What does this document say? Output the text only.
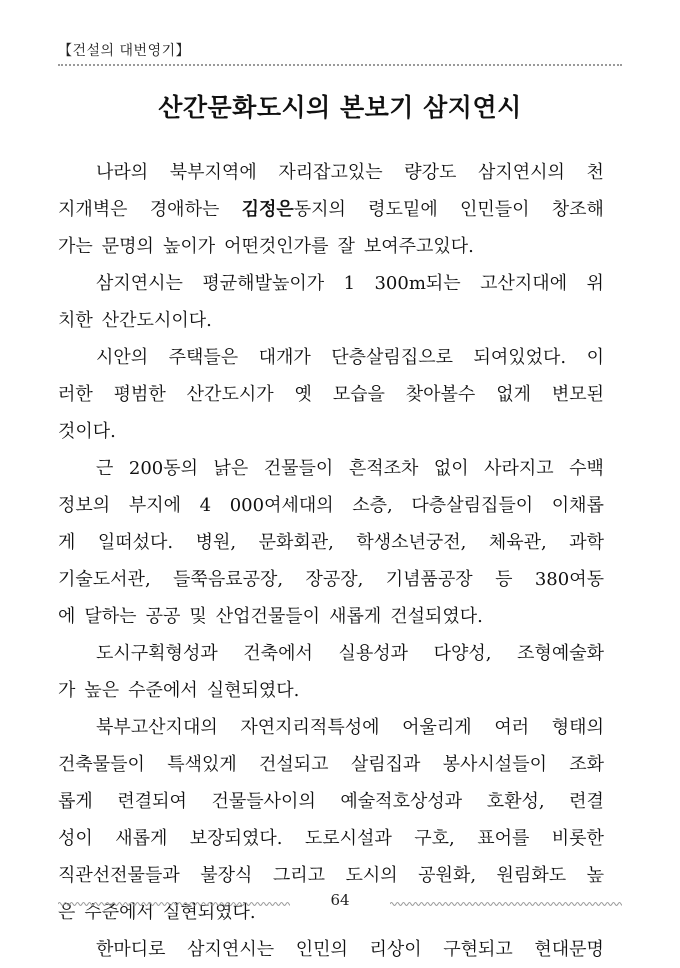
【건설의 대번영기】
산간문화도시의 본보기 삼지연시
나라의 북부지역에 자리잡고있는 량강도 삼지연시의 천
지개벽은 경애하는 김정은동지의 령도밑에 인민들이 창조해
가는 문명의 높이가 어떤것인가를 잘 보여주고있다.
삼지연시는 평균해발높이가 1 300m되는 고산지대에 위
치한 산간도시이다.
시안의 주택들은 대개가 단층살림집으로 되여있었다. 이
러한 평범한 산간도시가 옛 모습을 찾아볼수 없게 변모된
것이다.
근 200동의 낡은 건물들이 흔적조차 없이 사라지고 수백
정보의 부지에 4 000여세대의 소층, 다층살림집들이 이채롭
게 일떠섰다. 병원, 문화회관, 학생소년궁전, 체육관, 과학
기술도서관, 들쭉음료공장, 장공장, 기념품공장 등 380여동
에 달하는 공공 및 산업건물들이 새롭게 건설되였다.
도시구획형성과 건축에서 실용성과 다양성, 조형예술화
가 높은 수준에서 실현되였다.
북부고산지대의 자연지리적특성에 어울리게 여러 형태의
건축물들이 특색있게 건설되고 살림집과 봉사시설들이 조화
롭게 련결되여 건물들사이의 예술적호상성과 호환성, 련결
성이 새롭게 보장되였다. 도로시설과 구호, 표어를 비롯한
직관선전물들과 불장식 그리고 도시의 공원화, 원림화도 높
은 수준에서 실현되였다.
한마디로 삼지연시는 인민의 리상이 구현되고 현대문명
64
